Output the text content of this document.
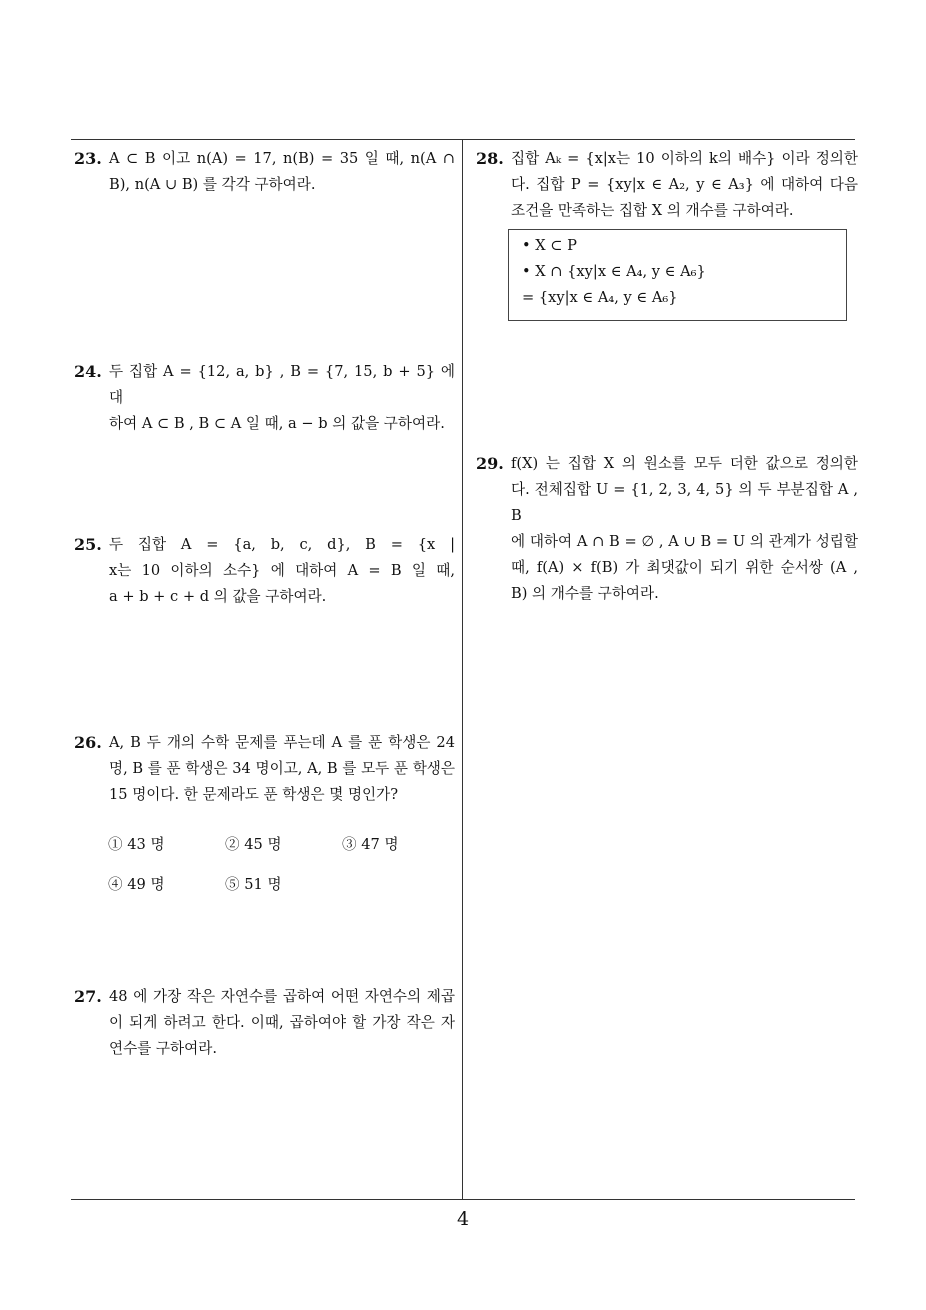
23. A ⊂ B 이고 n(A) = 17, n(B) = 35 일 때, n(A ∩
B), n(A ∪ B) 를 각각 구하여라.
24. 두 집합 A = {12, a, b} , B = {7, 15, b + 5} 에 대
하여 A ⊂ B , B ⊂ A 일 때, a − b 의 값을 구하여라.
25. 두 집합 A = {a, b, c, d}, B = {x |
x는 10 이하의 소수} 에 대하여 A = B 일 때,
a + b + c + d 의 값을 구하여라.
26. A, B 두 개의 수학 문제를 푸는데 A 를 푼 학생은 24
명, B 를 푼 학생은 34 명이고, A, B 를 모두 푼 학생은
15 명이다. 한 문제라도 푼 학생은 몇 명인가?
① 43 명	② 45 명	③ 47 명
④ 49 명	⑤ 51 명
27. 48 에 가장 작은 자연수를 곱하여 어떤 자연수의 제곱
이 되게 하려고 한다. 이때, 곱하여야 할 가장 작은 자
연수를 구하여라.
28. 집합 Aₖ = {x|x는 10 이하의 k의 배수} 이라 정의한
다. 집합 P = {xy|x ∈ A₂, y ∈ A₃} 에 대하여 다음
조건을 만족하는 집합 X 의 개수를 구하여라.
• X ⊂ P
• X ∩ {xy|x ∈ A₄, y ∈ A₆}
= {xy|x ∈ A₄, y ∈ A₆}
29. f(X) 는 집합 X 의 원소를 모두 더한 값으로 정의한
다. 전체집합 U = {1, 2, 3, 4, 5} 의 두 부분집합 A , B
에 대하여 A ∩ B = ∅ , A ∪ B = U 의 관계가 성립할
때, f(A) × f(B) 가 최댓값이 되기 위한 순서쌍 (A ,
B) 의 개수를 구하여라.
4
